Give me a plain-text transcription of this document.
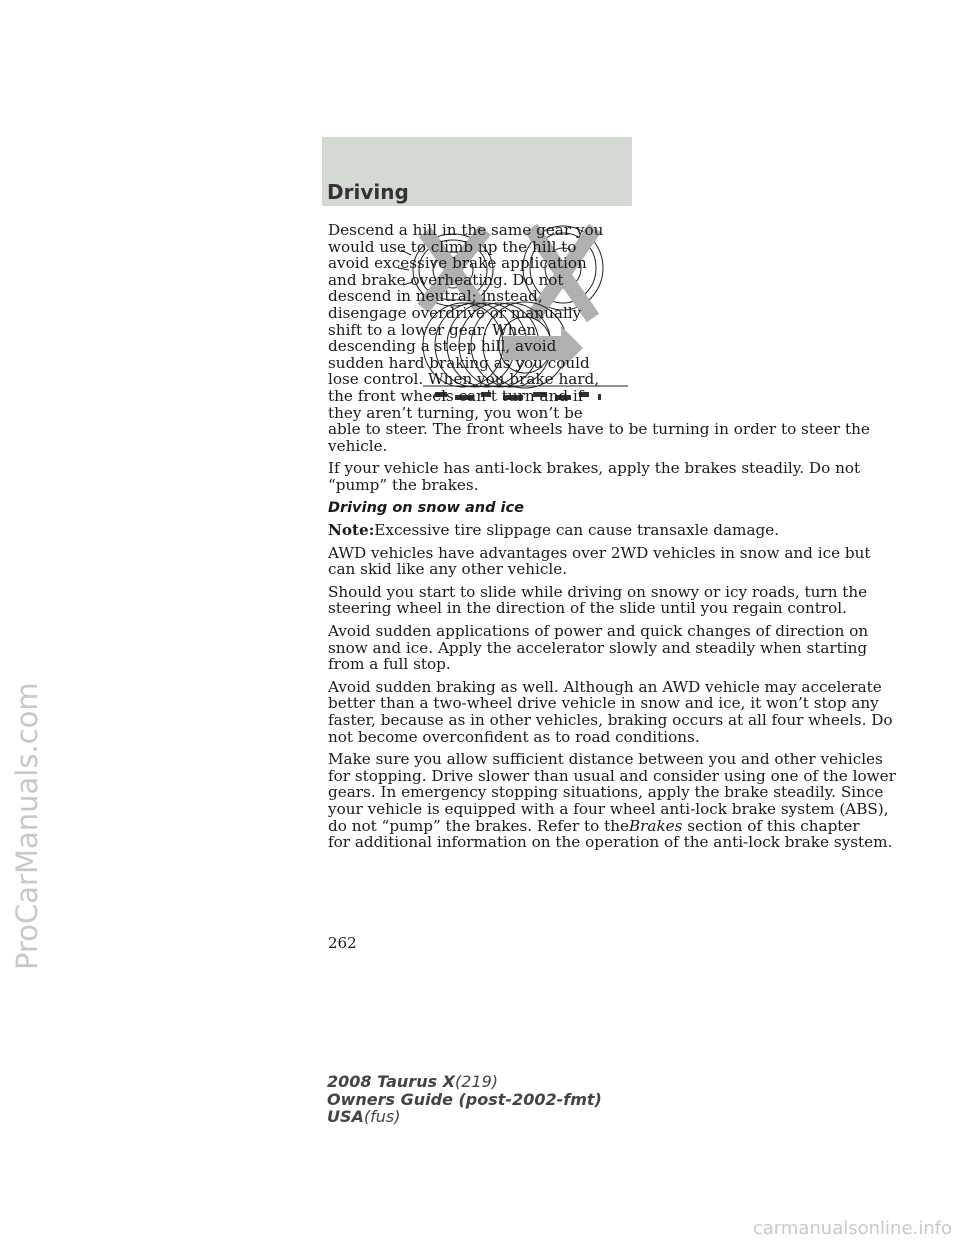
Driving

Descend a hill in the same gear you
would use to climb up the hill to
avoid excessive brake application
and brake overheating. Do not
descend in neutral; instead,
disengage overdrive or manually
shift to a lower gear. When
descending a steep hill, avoid
sudden hard braking as you could
lose control. When you brake hard,
the front wheels can’t turn and if
they aren’t turning, you won’t be
able to steer. The front wheels have to be turning in order to steer the
vehicle.

If your vehicle has anti-lock brakes, apply the brakes steadily. Do not
“pump” the brakes.

Driving on snow and ice

Note:Excessive tire slippage can cause transaxle damage.

AWD vehicles have advantages over 2WD vehicles in snow and ice but
can skid like any other vehicle.

Should you start to slide while driving on snowy or icy roads, turn the
steering wheel in the direction of the slide until you regain control.

Avoid sudden applications of power and quick changes of direction on
snow and ice. Apply the accelerator slowly and steadily when starting
from a full stop.

Avoid sudden braking as well. Although an AWD vehicle may accelerate
better than a two-wheel drive vehicle in snow and ice, it won’t stop any
faster, because as in other vehicles, braking occurs at all four wheels. Do
not become overconfident as to road conditions.

Make sure you allow sufficient distance between you and other vehicles
for stopping. Drive slower than usual and consider using one of the lower
gears. In emergency stopping situations, apply the brake steadily. Since
your vehicle is equipped with a four wheel anti-lock brake system (ABS),
do not “pump” the brakes. Refer to theBrakes section of this chapter
for additional information on the operation of the anti-lock brake system.

262
2008 Taurus X(219)
Owners Guide (post-2002-fmt)
USA(fus)
ProCarManuals.com
carmanualsonline.info
